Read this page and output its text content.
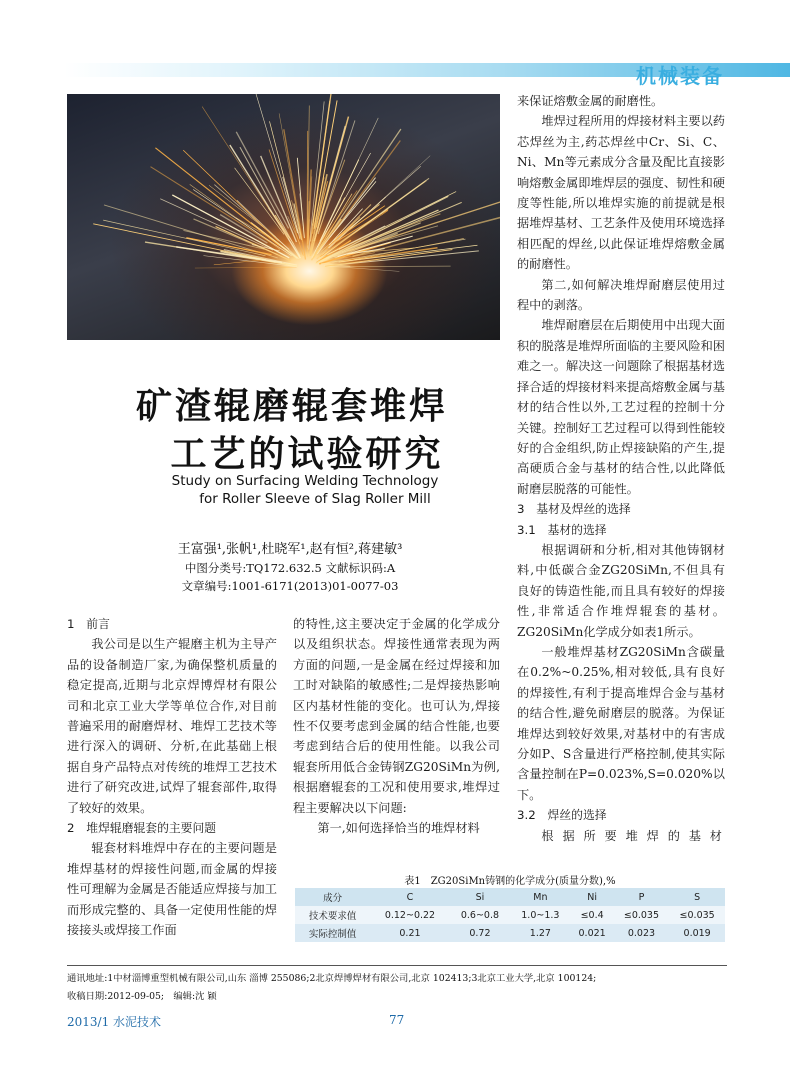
机械装备
矿渣辊磨辊套堆焊

工艺的试验研究
Study on Surfacing Welding Technology
for Roller Sleeve of Slag Roller Mill
王富强¹,张帆¹,杜晓军¹,赵有恒²,蒋建敏³
中图分类号:TQ172.632.5 文献标识码:A
文章编号:1001-6171(2013)01-0077-03

1　前言

我公司是以生产辊磨主机为主导产品的设备制造厂家,为确保整机质量的稳定提高,近期与北京焊博焊材有限公司和北京工业大学等单位合作,对目前普遍采用的耐磨焊材、堆焊工艺技术等进行深入的调研、分析,在此基础上根据自身产品特点对传统的堆焊工艺技术进行了研究改进,试焊了辊套部件,取得了较好的效果。

2　堆焊辊磨辊套的主要问题

辊套材料堆焊中存在的主要问题是堆焊基材的焊接性问题,而金属的焊接性可理解为金属是否能适应焊接与加工而形成完整的、具备一定使用性能的焊接接头或焊接工作面

的特性,这主要决定于金属的化学成分以及组织状态。焊接性通常表现为两方面的问题,一是金属在经过焊接和加工时对缺陷的敏感性;二是焊接热影响区内基材性能的变化。也可认为,焊接性不仅要考虑到金属的结合性能,也要考虑到结合后的使用性能。以我公司辊套所用低合金铸钢ZG20SiMn为例,根据磨辊套的工况和使用要求,堆焊过程主要解决以下问题:

第一,如何选择恰当的堆焊材料

来保证熔敷金属的耐磨性。

堆焊过程所用的焊接材料主要以药芯焊丝为主,药芯焊丝中Cr、Si、C、Ni、Mn等元素成分含量及配比直接影响熔敷金属即堆焊层的强度、韧性和硬度等性能,所以堆焊实施的前提就是根据堆焊基材、工艺条件及使用环境选择相匹配的焊丝,以此保证堆焊熔敷金属的耐磨性。

第二,如何解决堆焊耐磨层使用过程中的剥落。

堆焊耐磨层在后期使用中出现大面积的脱落是堆焊所面临的主要风险和困难之一。解决这一问题除了根据基材选择合适的焊接材料来提高熔敷金属与基材的结合性以外,工艺过程的控制十分关键。控制好工艺过程可以得到性能较好的合金组织,防止焊接缺陷的产生,提高硬质合金与基材的结合性,以此降低耐磨层脱落的可能性。

3　基材及焊丝的选择

3.1　基材的选择

根据调研和分析,相对其他铸钢材料,中低碳合金ZG20SiMn,不但具有良好的铸造性能,而且具有较好的焊接性,非常适合作堆焊辊套的基材。ZG20SiMn化学成分如表1所示。

一般堆焊基材ZG20SiMn含碳量在0.2%~0.25%,相对较低,具有良好的焊接性,有利于提高堆焊合金与基材的结合性,避免耐磨层的脱落。为保证堆焊达到较好效果,对基材中的有害成分如P、S含量进行严格控制,使其实际含量控制在P=0.023%,S=0.020%以下。

3.2　焊丝的选择

根据所要堆焊的基材

表1　ZG20SiMn铸钢的化学成分(质量分数),%
成分	C	Si	Mn	Ni	P	S
技术要求值	0.12~0.22	0.6~0.8	1.0~1.3	≤0.4	≤0.035	≤0.035
实际控制值	0.21	0.72	1.27	0.021	0.023	0.019
通讯地址:1中材淄博重型机械有限公司,山东 淄博 255086;2北京焊博焊材有限公司,北京 102413;3北京工业大学,北京 100124;
收稿日期:2012-09-05;　编辑:沈 颖
2013/1 水泥技术	77
